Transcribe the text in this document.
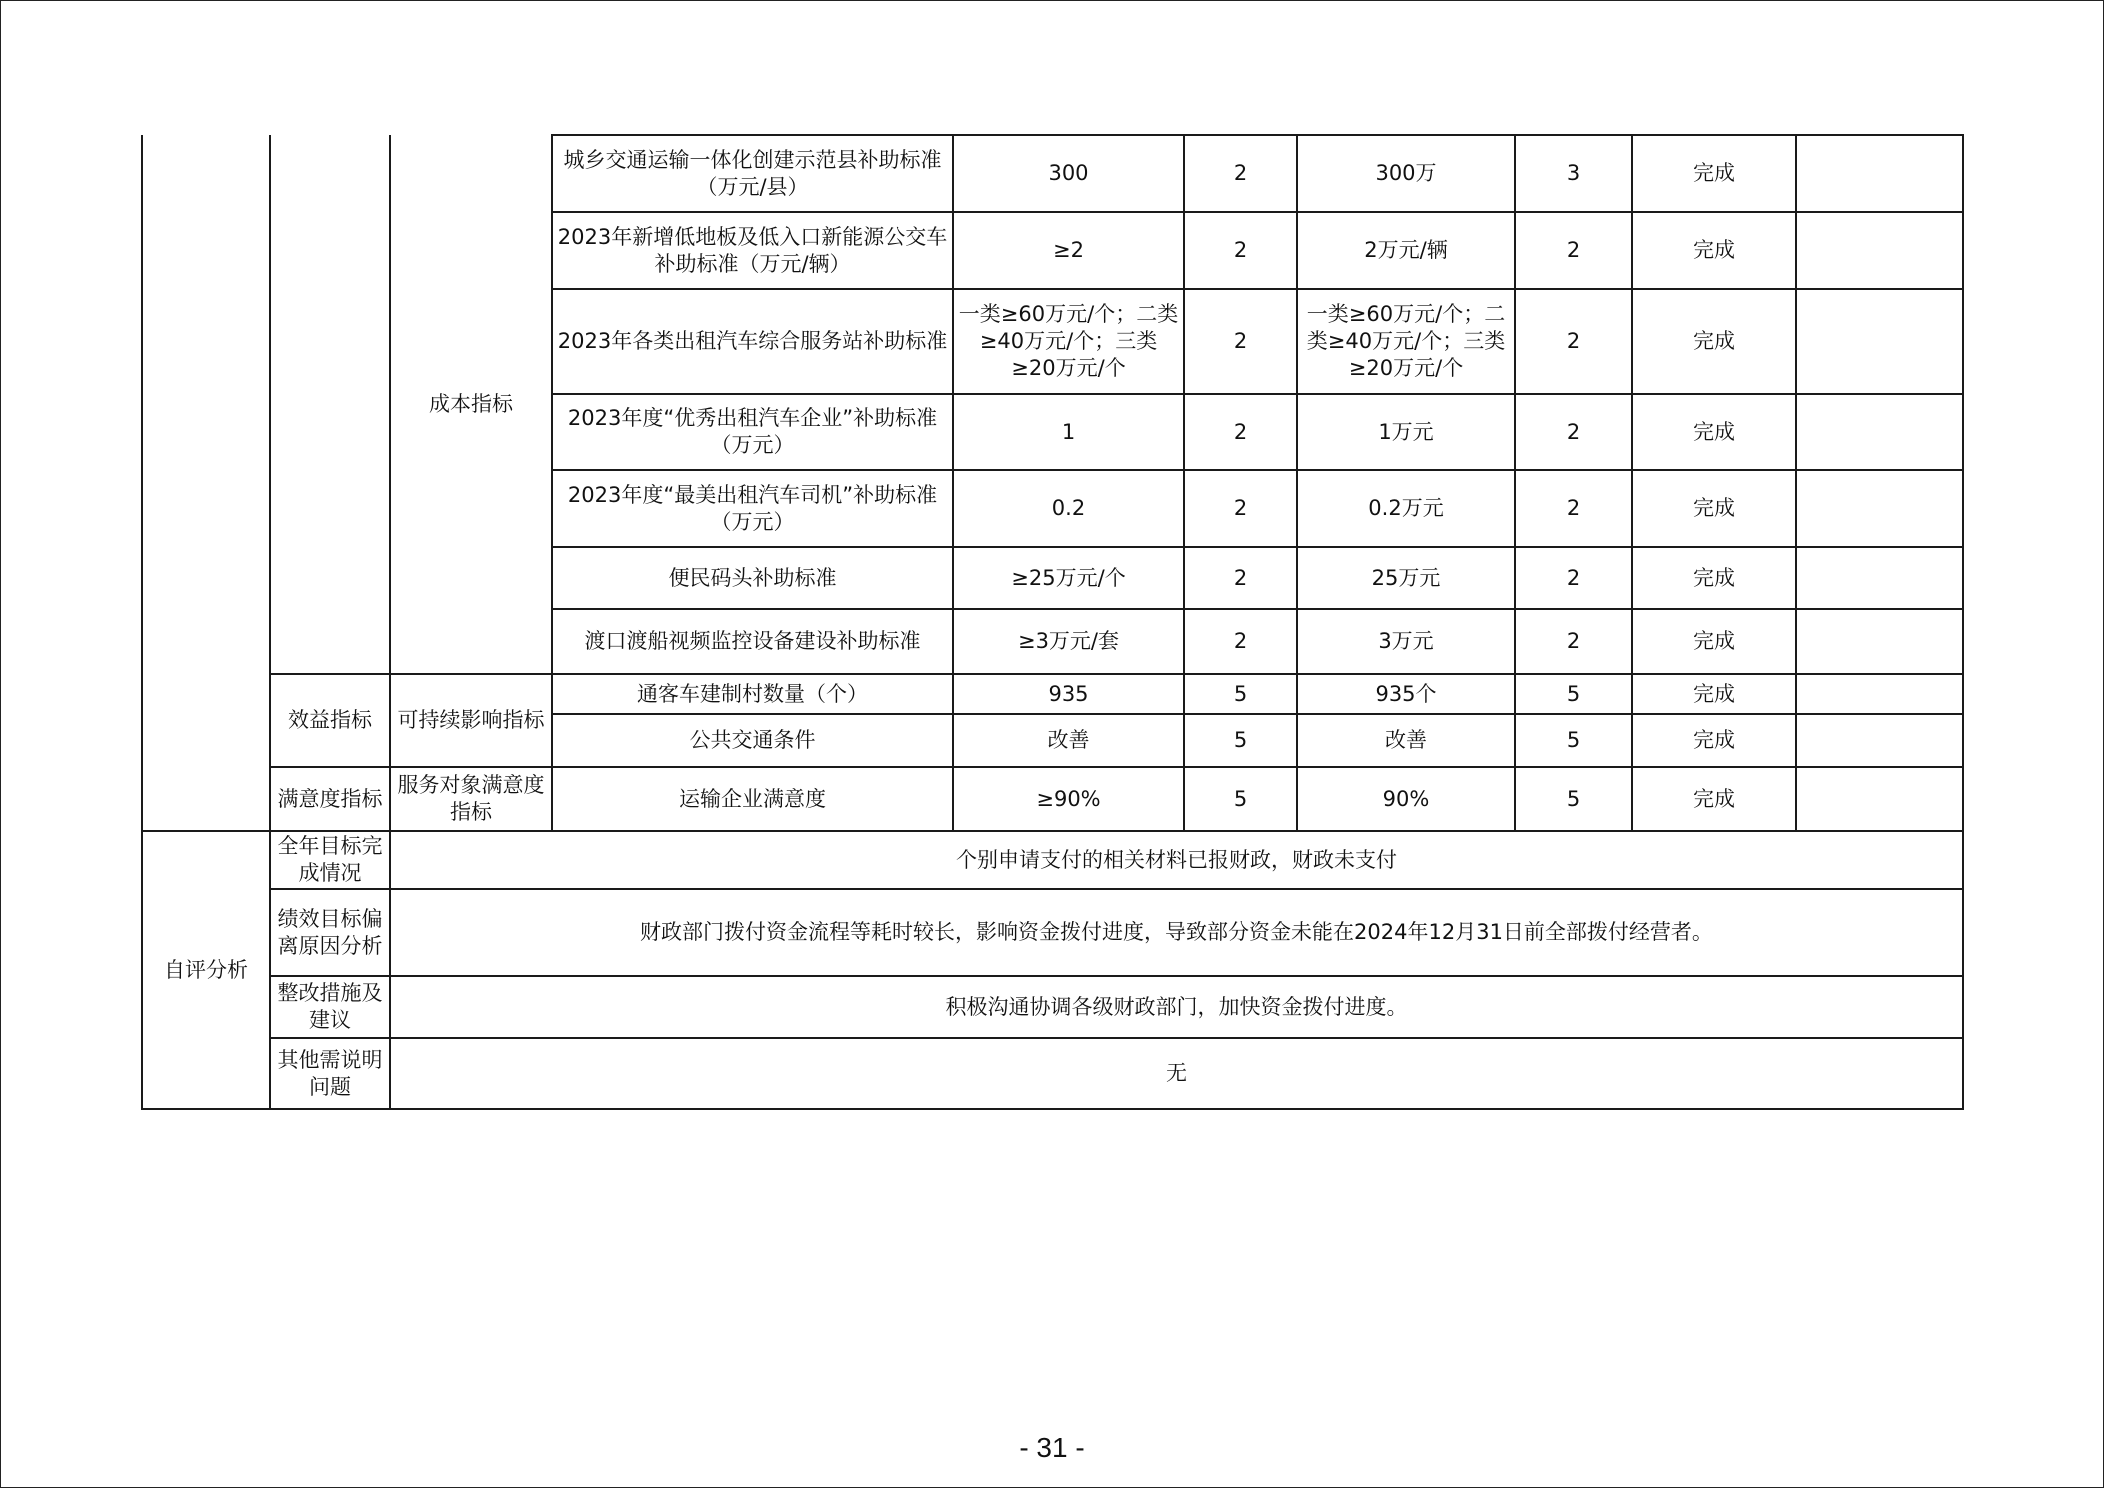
		成本指标	城乡交通运输一体化创建示范县补助标准（万元/县）	300	2	300万	3	完成	
			2023年新增低地板及低入口新能源公交车补助标准（万元/辆）	≥2	2	2万元/辆	2	完成	
			2023年各类出租汽车综合服务站补助标准	一类≥60万元/个；二类≥40万元/个；三类≥20万元/个	2	一类≥60万元/个；二类≥40万元/个；三类≥20万元/个	2	完成	
			2023年度“优秀出租汽车企业”补助标准（万元）	1	2	1万元	2	完成	
			2023年度“最美出租汽车司机”补助标准（万元）	0.2	2	0.2万元	2	完成	
			便民码头补助标准	≥25万元/个	2	25万元	2	完成	
			渡口渡船视频监控设备建设补助标准	≥3万元/套	2	3万元	2	完成	
	效益指标	可持续影响指标	通客车建制村数量（个）	935	5	935个	5	完成	
			公共交通条件	改善	5	改善	5	完成	
	满意度指标	服务对象满意度指标	运输企业满意度	≥90%	5	90%	5	完成	
自评分析	全年目标完成情况	个别申请支付的相关材料已报财政，财政未支付							
	绩效目标偏离原因分析	财政部门拨付资金流程等耗时较长，影响资金拨付进度，导致部分资金未能在2024年12月31日前全部拨付经营者。							
	整改措施及建议	积极沟通协调各级财政部门，加快资金拨付进度。							
	其他需说明问题	无							
- 31 -
